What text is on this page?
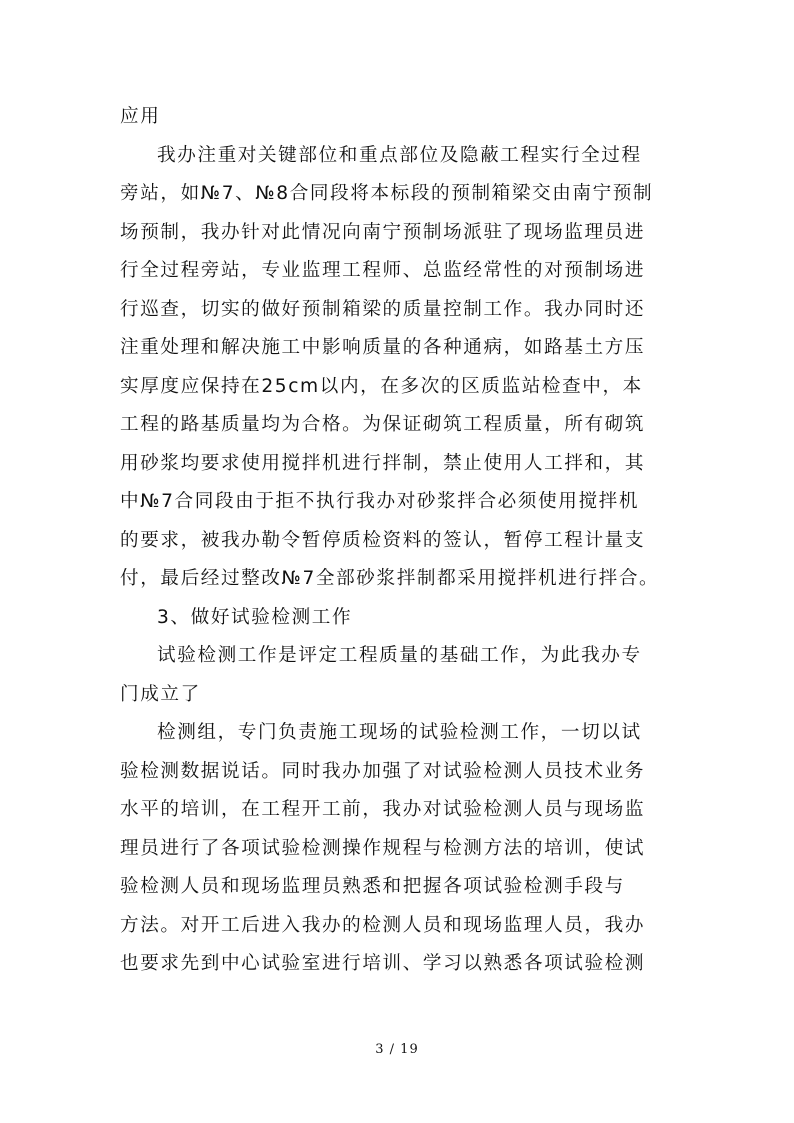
应用
我办注重对关键部位和重点部位及隐蔽工程实行全过程
旁站，如№7、№8合同段将本标段的预制箱梁交由南宁预制
场预制，我办针对此情况向南宁预制场派驻了现场监理员进
行全过程旁站，专业监理工程师、总监经常性的对预制场进
行巡查，切实的做好预制箱梁的质量控制工作。我办同时还
注重处理和解决施工中影响质量的各种通病，如路基土方压
实厚度应保持在25cm以内，在多次的区质监站检查中，本
工程的路基质量均为合格。为保证砌筑工程质量，所有砌筑
用砂浆均要求使用搅拌机进行拌制，禁止使用人工拌和，其
中№7合同段由于拒不执行我办对砂浆拌合必须使用搅拌机
的要求，被我办勒令暂停质检资料的签认，暂停工程计量支
付，最后经过整改№7全部砂浆拌制都采用搅拌机进行拌合。
3、做好试验检测工作
试验检测工作是评定工程质量的基础工作，为此我办专
门成立了
检测组，专门负责施工现场的试验检测工作，一切以试
验检测数据说话。同时我办加强了对试验检测人员技术业务
水平的培训，在工程开工前，我办对试验检测人员与现场监
理员进行了各项试验检测操作规程与检测方法的培训，使试
验检测人员和现场监理员熟悉和把握各项试验检测手段与
方法。对开工后进入我办的检测人员和现场监理人员，我办
也要求先到中心试验室进行培训、学习以熟悉各项试验检测
3 / 19
